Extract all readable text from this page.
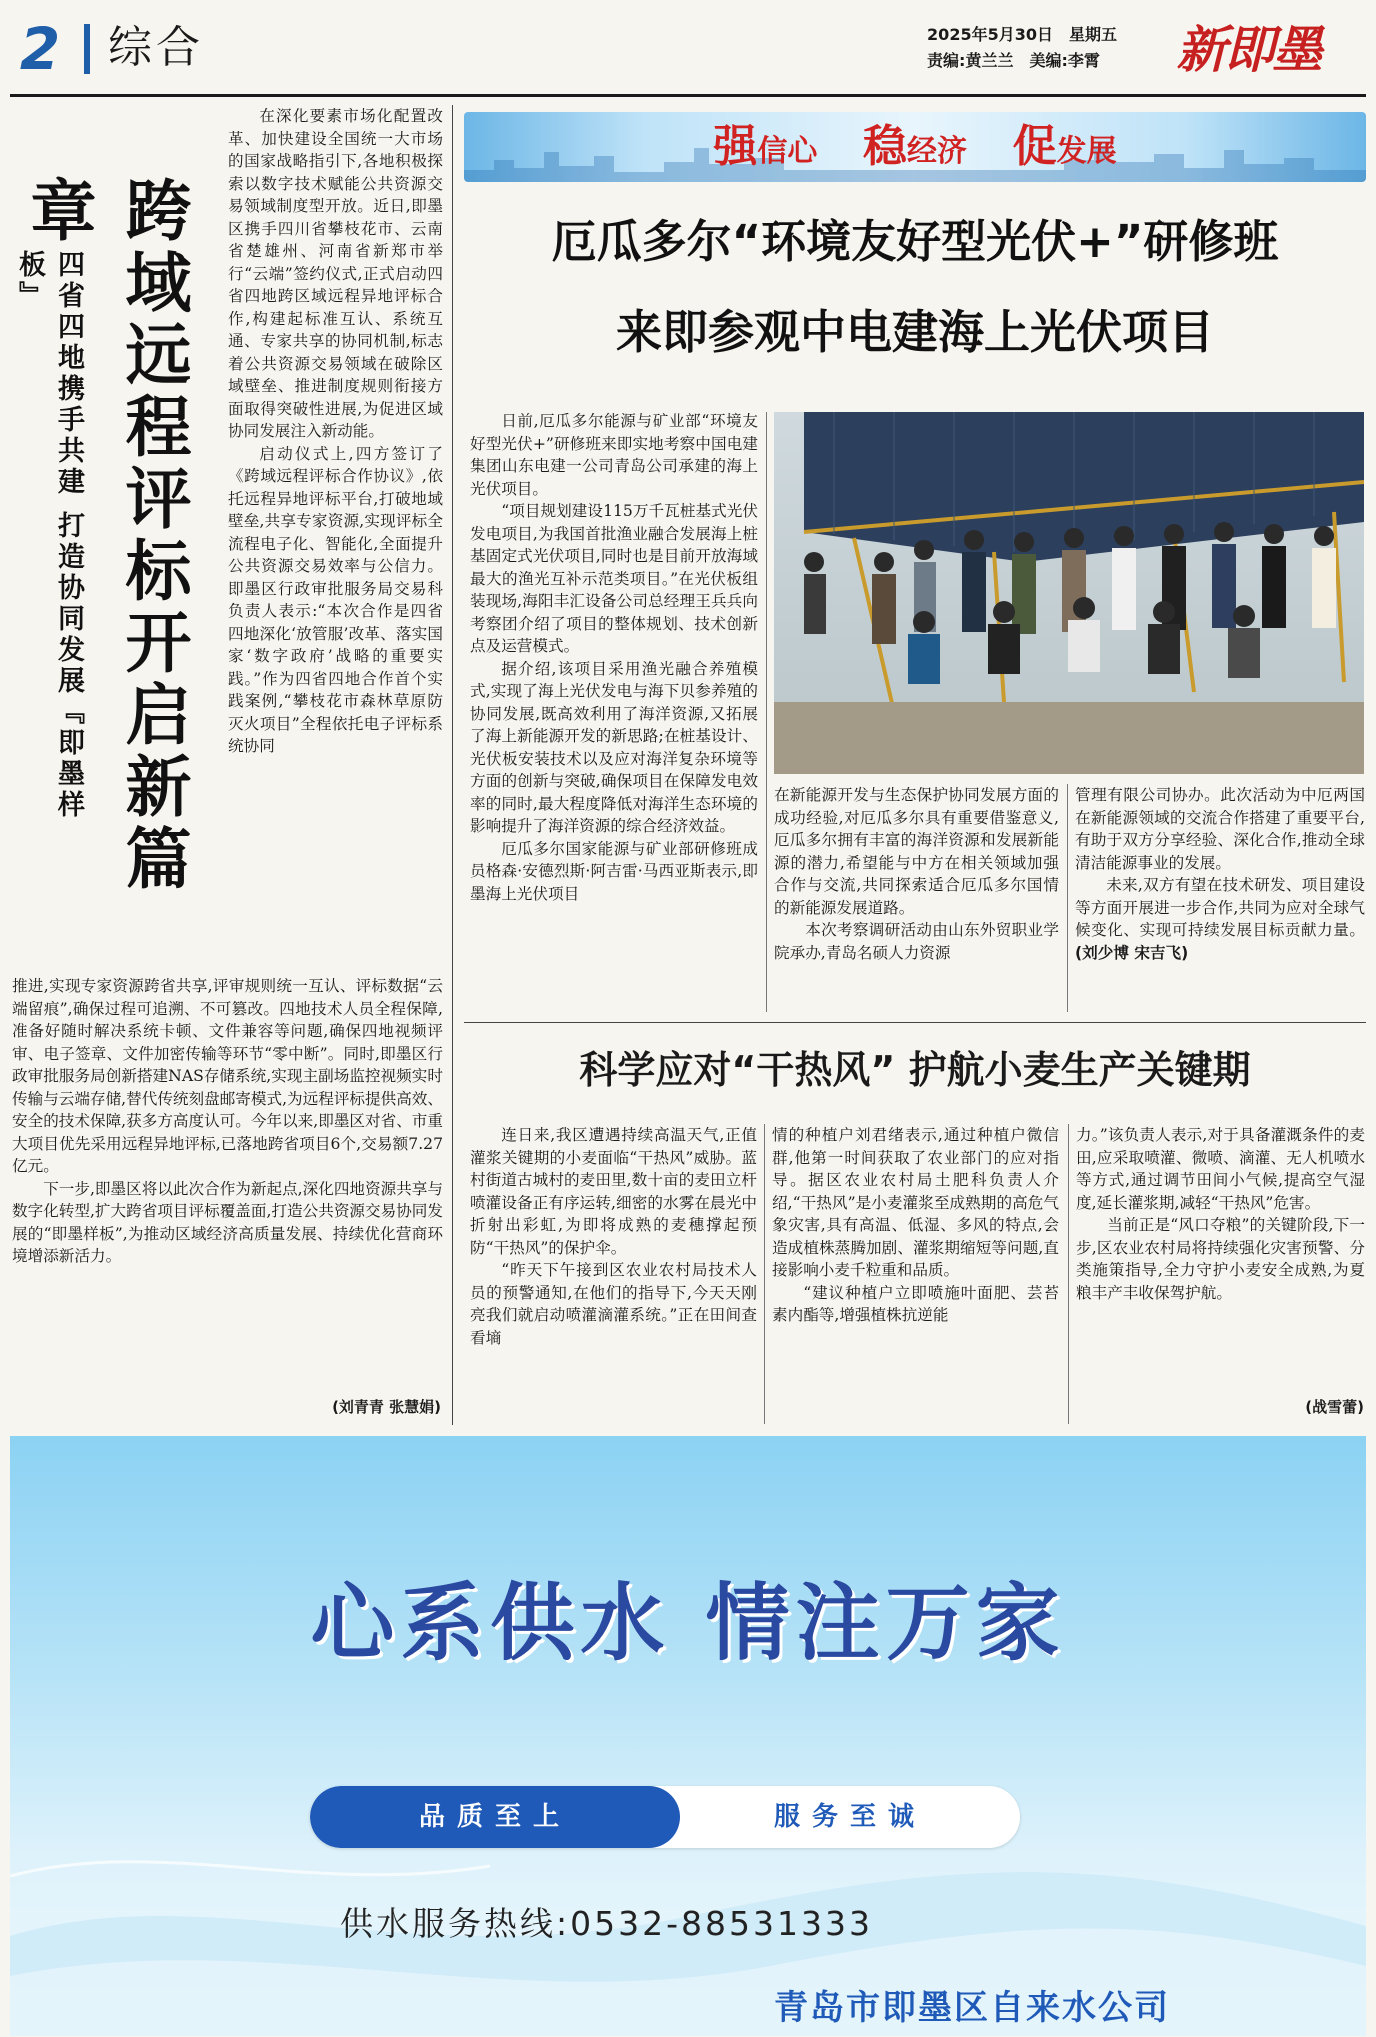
2 综合	2025年5月30日 星期五
责编:黄兰兰 美编:李霄	新即墨
跨域远程评标开启新篇章
四省四地携手共建 打造协同发展『即墨样板』

在深化要素市场化配置改革、加快建设全国统一大市场的国家战略指引下,各地积极探索以数字技术赋能公共资源交易领域制度型开放。近日,即墨区携手四川省攀枝花市、云南省楚雄州、河南省新郑市举行“云端”签约仪式,正式启动四省四地跨区域远程异地评标合作,构建起标准互认、系统互通、专家共享的协同机制,标志着公共资源交易领域在破除区域壁垒、推进制度规则衔接方面取得突破性进展,为促进区域协同发展注入新动能。

启动仪式上,四方签订了《跨域远程评标合作协议》,依托远程异地评标平台,打破地域壁垒,共享专家资源,实现评标全流程电子化、智能化,全面提升公共资源交易效率与公信力。即墨区行政审批服务局交易科负责人表示:“本次合作是四省四地深化‘放管服’改革、落实国家‘数字政府’战略的重要实践。”作为四省四地合作首个实践案例,“攀枝花市森林草原防灭火项目”全程依托电子评标系统协同

推进,实现专家资源跨省共享,评审规则统一互认、评标数据“云端留痕”,确保过程可追溯、不可篡改。四地技术人员全程保障,准备好随时解决系统卡顿、文件兼容等问题,确保四地视频评审、电子签章、文件加密传输等环节“零中断”。同时,即墨区行政审批服务局创新搭建NAS存储系统,实现主副场监控视频实时传输与云端存储,替代传统刻盘邮寄模式,为远程评标提供高效、安全的技术保障,获多方高度认可。今年以来,即墨区对省、市重大项目优先采用远程异地评标,已落地跨省项目6个,交易额7.27亿元。

下一步,即墨区将以此次合作为新起点,深化四地资源共享与数字化转型,扩大跨省项目评标覆盖面,打造公共资源交易协同发展的“即墨样板”,为推动区域经济高质量发展、持续优化营商环境增添新活力。

(刘青青 张慧娟)
强信心 稳经济 促发展
厄瓜多尔“环境友好型光伏+”研修班
来即参观中电建海上光伏项目

日前,厄瓜多尔能源与矿业部“环境友好型光伏+”研修班来即实地考察中国电建集团山东电建一公司青岛公司承建的海上光伏项目。

“项目规划建设115万千瓦桩基式光伏发电项目,为我国首批渔业融合发展海上桩基固定式光伏项目,同时也是目前开放海域最大的渔光互补示范类项目。”在光伏板组装现场,海阳丰汇设备公司总经理王兵兵向考察团介绍了项目的整体规划、技术创新点及运营模式。

据介绍,该项目采用渔光融合养殖模式,实现了海上光伏发电与海下贝参养殖的协同发展,既高效利用了海洋资源,又拓展了海上新能源开发的新思路;在桩基设计、光伏板安装技术以及应对海洋复杂环境等方面的创新与突破,确保项目在保障发电效率的同时,最大程度降低对海洋生态环境的影响提升了海洋资源的综合经济效益。

厄瓜多尔国家能源与矿业部研修班成员格森·安德烈斯·阿吉雷·马西亚斯表示,即墨海上光伏项目

在新能源开发与生态保护协同发展方面的成功经验,对厄瓜多尔具有重要借鉴意义,厄瓜多尔拥有丰富的海洋资源和发展新能源的潜力,希望能与中方在相关领域加强合作与交流,共同探索适合厄瓜多尔国情的新能源发展道路。

本次考察调研活动由山东外贸职业学院承办,青岛名硕人力资源

管理有限公司协办。此次活动为中厄两国在新能源领域的交流合作搭建了重要平台,有助于双方分享经验、深化合作,推动全球清洁能源事业的发展。

未来,双方有望在技术研发、项目建设等方面开展进一步合作,共同为应对全球气候变化、实现可持续发展目标贡献力量。(刘少博 宋吉飞)

科学应对“干热风” 护航小麦生产关键期

连日来,我区遭遇持续高温天气,正值灌浆关键期的小麦面临“干热风”威胁。蓝村街道古城村的麦田里,数十亩的麦田立杆喷灌设备正有序运转,细密的水雾在晨光中折射出彩虹,为即将成熟的麦穗撑起预防“干热风”的保护伞。

“昨天下午接到区农业农村局技术人员的预警通知,在他们的指导下,今天天刚亮我们就启动喷灌滴灌系统。”正在田间查看墒

情的种植户刘君绪表示,通过种植户微信群,他第一时间获取了农业部门的应对指导。据区农业农村局土肥科负责人介绍,“干热风”是小麦灌浆至成熟期的高危气象灾害,具有高温、低湿、多风的特点,会造成植株蒸腾加剧、灌浆期缩短等问题,直接影响小麦千粒重和品质。

“建议种植户立即喷施叶面肥、芸苔素内酯等,增强植株抗逆能

力。”该负责人表示,对于具备灌溉条件的麦田,应采取喷灌、微喷、滴灌、无人机喷水等方式,通过调节田间小气候,提高空气湿度,延长灌浆期,减轻“干热风”危害。

当前正是“风口夺粮”的关键阶段,下一步,区农业农村局将持续强化灾害预警、分类施策指导,全力守护小麦安全成熟,为夏粮丰产丰收保驾护航。

(战雪蕾)
心系供水 情注万家
品质至上	服务至诚
供水服务热线:0532-88531333
青岛市即墨区自来水公司
